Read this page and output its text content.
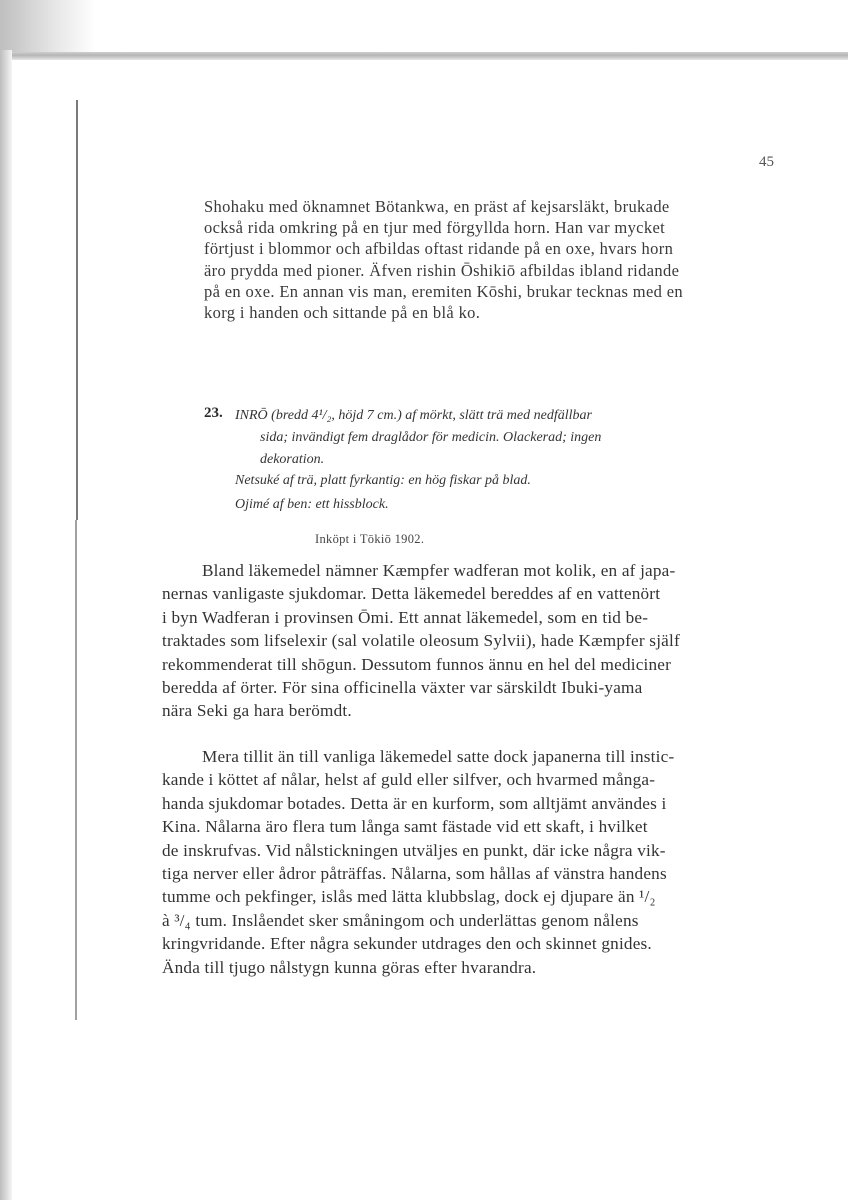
45
Shohaku med öknamnet Bötankwa, en präst af kejsarsläkt, brukade
också rida omkring på en tjur med förgyllda horn. Han var mycket
förtjust i blommor och afbildas oftast ridande på en oxe, hvars horn
äro prydda med pioner. Äfven rishin Ōshikiō afbildas ibland ridande
på en oxe. En annan vis man, eremiten Kōshi, brukar tecknas med en
korg i handen och sittande på en blå ko.
23. INRŌ (bredd 4¹/₂, höjd 7 cm.) af mörkt, slätt trä med nedfällbar
sida; invändigt fem draglådor för medicin. Olackerad; ingen
dekoration.
Netsuké af trä, platt fyrkantig: en hög fiskar på blad.
Ojimé af ben: ett hissblock.
Inköpt i Tōkiō 1902.
Bland läkemedel nämner Kæmpfer wadferan mot kolik, en af japa-
nernas vanligaste sjukdomar. Detta läkemedel bereddes af en vattenört
i byn Wadferan i provinsen Ōmi. Ett annat läkemedel, som en tid be-
traktades som lifselexir (sal volatile oleosum Sylvii), hade Kæmpfer själf
rekommenderat till shōgun. Dessutom funnos ännu en hel del mediciner
beredda af örter. För sina officinella växter var särskildt Ibuki-yama
nära Seki ga hara berömdt.
Mera tillit än till vanliga läkemedel satte dock japanerna till instic-
kande i köttet af nålar, helst af guld eller silfver, och hvarmed många-
handa sjukdomar botades. Detta är en kurform, som alltjämt användes i
Kina. Nålarna äro flera tum långa samt fästade vid ett skaft, i hvilket
de inskrufvas. Vid nålstickningen utväljes en punkt, där icke några vik-
tiga nerver eller ådror påträffas. Nålarna, som hållas af vänstra handens
tumme och pekfinger, islås med lätta klubbslag, dock ej djupare än ¹/₂
à ³/₄ tum. Inslåendet sker småningom och underlättas genom nålens
kringvridande. Efter några sekunder utdrages den och skinnet gnides.
Ända till tjugo nålstygn kunna göras efter hvarandra.
